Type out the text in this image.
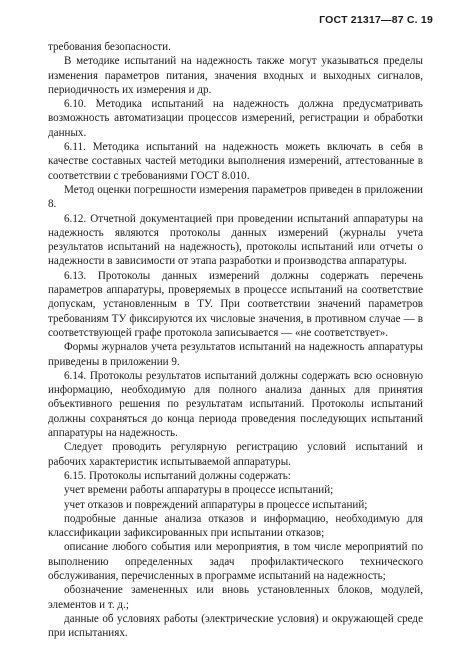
ГОСТ 21317—87 С. 19

требования безопасности.

В методике испытаний на надежность также могут указываться пределы изменения параметров питания, значения входных и выходных сигналов, периодичность их измерения и др.

6.10. Методика испытаний на надежность должна предусматривать возможность автоматизации процессов измерений, регистрации и обработки данных.

6.11. Методика испытаний на надежность можеть включать в себя в качестве составных частей методики выполнения измерений, аттестованные в соответствии с требованиями ГОСТ 8.010.

Метод оценки погрешности измерения параметров приведен в приложении 8.

6.12. Отчетной документацией при проведении испытаний аппаратуры на надежность являются протоколы данных измерений (журналы учета результатов испытаний на надежность), протоколы испытаний или отчеты о надежности в зависимости от этапа разработки и производства аппаратуры.

6.13. Протоколы данных измерений должны содержать перечень параметров аппаратуры, проверяемых в процессе испытаний на соответствие допускам, установленным в ТУ. При соответствии значений параметров требованиям ТУ фиксируются их числовые значения, в противном случае — в соответствующей графе протокола записывается — «не соответствует».

Формы журналов учета результатов испытаний на надежность аппаратуры приведены в приложении 9.

6.14. Протоколы результатов испытаний должны содержать всю основную информацию, необходимую для полного анализа данных для принятия объективного решения по результатам испытаний. Протоколы испытаний должны сохраняться до конца периода проведения последующих испытаний аппаратуры на надежность.

Следует проводить регулярную регистрацию условий испытаний и рабочих характеристик испытываемой аппаратуры.

6.15. Протоколы испытаний должны содержать:

учет времени работы аппаратуры в процессе испытаний;

учет отказов и повреждений аппаратуры в процессе испытаний;

подробные данные анализа отказов и информацию, необходимую для классификации зафиксированных при испытании отказов;

описание любого события или мероприятия, в том числе мероприятий по выполнению определенных задач профилактического технического обслуживания, перечисленных в программе испытаний на надежность;

обозначение замененных или вновь установленных блоков, модулей, элементов и т. д.;

данные об условиях работы (электрические условия) и окружающей среде при испытаниях.
